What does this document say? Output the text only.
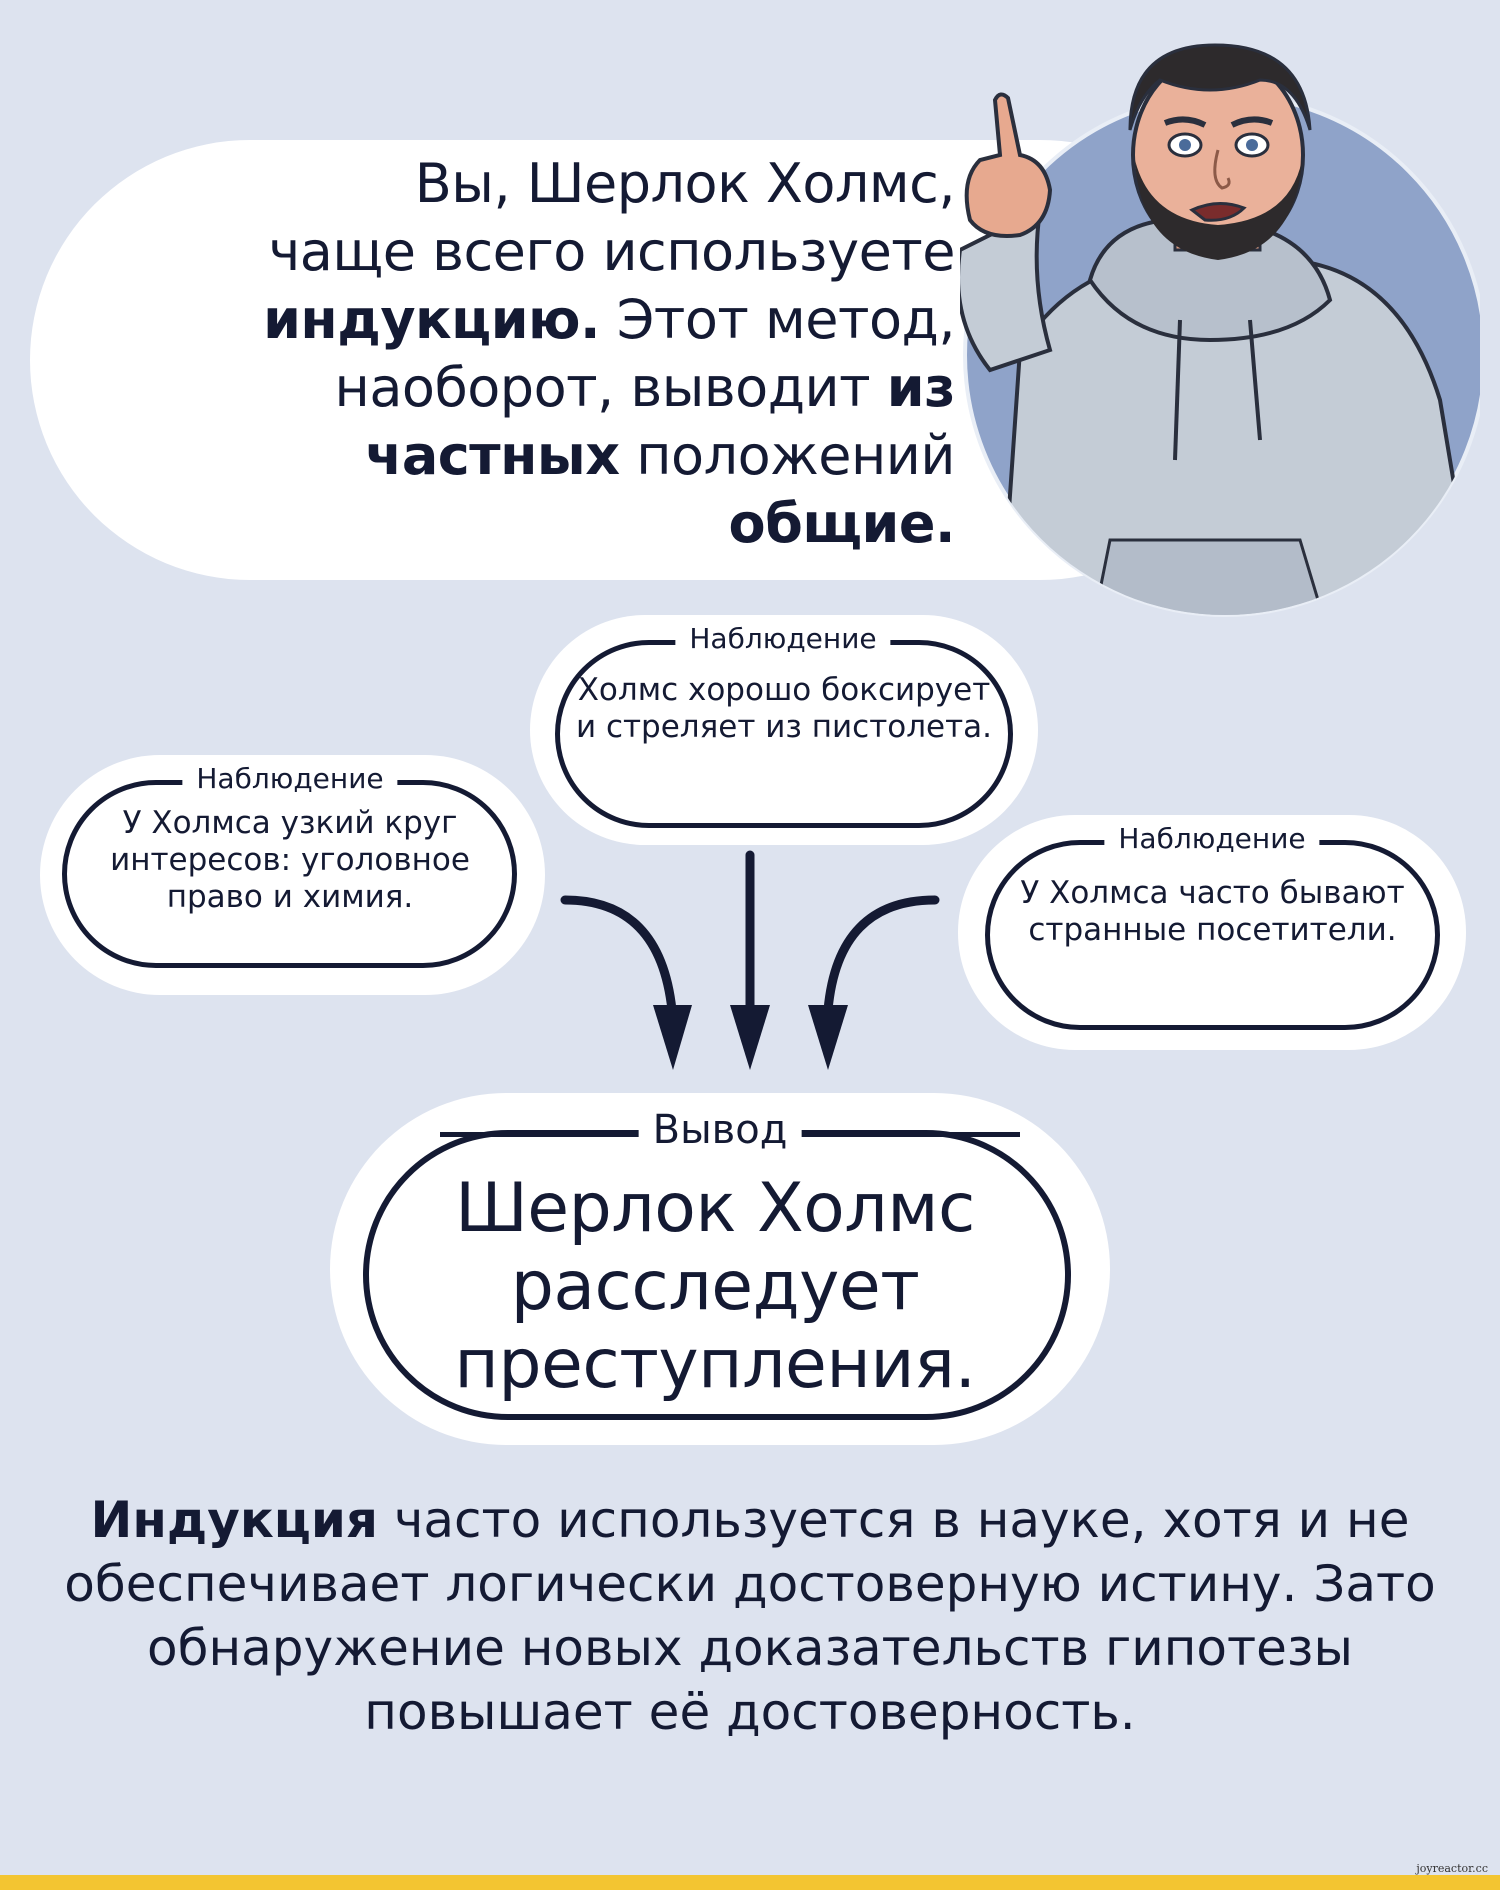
Вы, Шерлок Холмс,
чаще всего используете
индукцию. Этот метод,
наоборот, выводит из
частных положений
общие.
Наблюдение
У Холмса узкий круг интересов: уголовное право и химия.
Наблюдение
Холмс хорошо боксирует и стреляет из пистолета.
Наблюдение
У Холмса часто бывают странные посетители.
Вывод
Шерлок Холмс расследует преступления.
Индукция часто используется в науке, хотя и не обеспечивает логически достоверную истину. Зато обнаружение новых доказательств гипотезы повышает её достоверность.
joyreactor.cc
